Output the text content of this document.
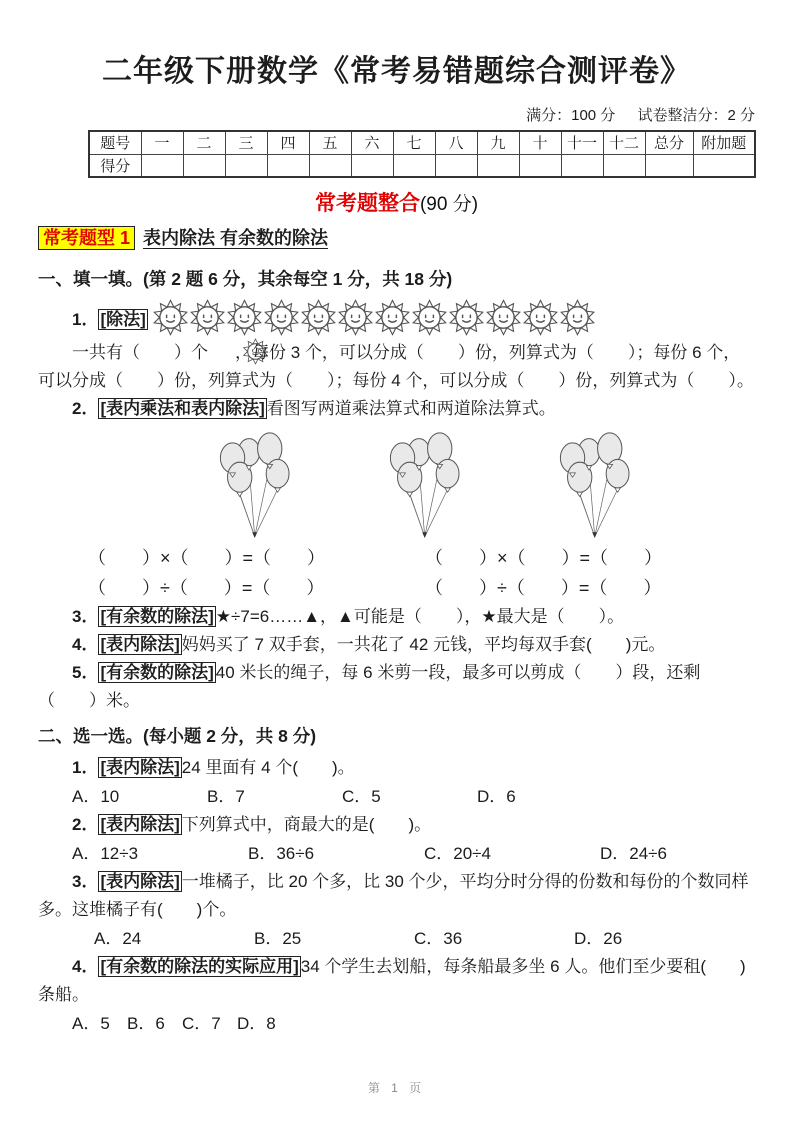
二年级下册数学《常考易错题综合测评卷》
满分：100 分 试卷整洁分：2 分
题号	一	二	三	四	五	六	七	八	九	十	十一	十二	总分	附加题
得分														
常考题整合(90 分)
常考题型 1 表内除法 有余数的除法
一、填一填。(第 2 题 6 分，其余每空 1 分，共 18 分)
1． [除法]

一共有（　　）个 ，每份 3 个，可以分成（　　）份，列算式为（　　）；每份 6 个，可以分成（　　）份，列算式为（　　）；每份 4 个，可以分成（　　）份，列算式为（　　）。

2． [表内乘法和表内除法] 看图写两道乘法算式和两道除法算式。

（　　）×（　　）=（　　）	（　　）×（　　）=（　　）
（　　）÷（　　）=（　　）	（　　）÷（　　）=（　　）

3． [有余数的除法] ★÷7=6……▲，▲可能是（　　），★最大是（　　）。

4． [表内除法] 妈妈买了 7 双手套，一共花了 42 元钱，平均每双手套(　　)元。

5． [有余数的除法] 40 米长的绳子，每 6 米剪一段，最多可以剪成（　　）段，还剩（　　）米。

二、选一选。(每小题 2 分，共 8 分)

1． [表内除法] 24 里面有 4 个(　　)。

A．10	B．7	C．5	D．6

2． [表内除法] 下列算式中，商最大的是(　　)。

A．12÷3	B．36÷6	C．20÷4	D．24÷6

3． [表内除法] 一堆橘子，比 20 个多，比 30 个少，平均分时分得的份数和每份的个数同样多。这堆橘子有(　　)个。

A．24	B．25	C．36	D．26

4． [有余数的除法的实际应用] 34 个学生去划船，每条船最多坐 6 人。他们至少要租(　　)条船。

A．5	B．6	C．7 D．8
第 1 页
